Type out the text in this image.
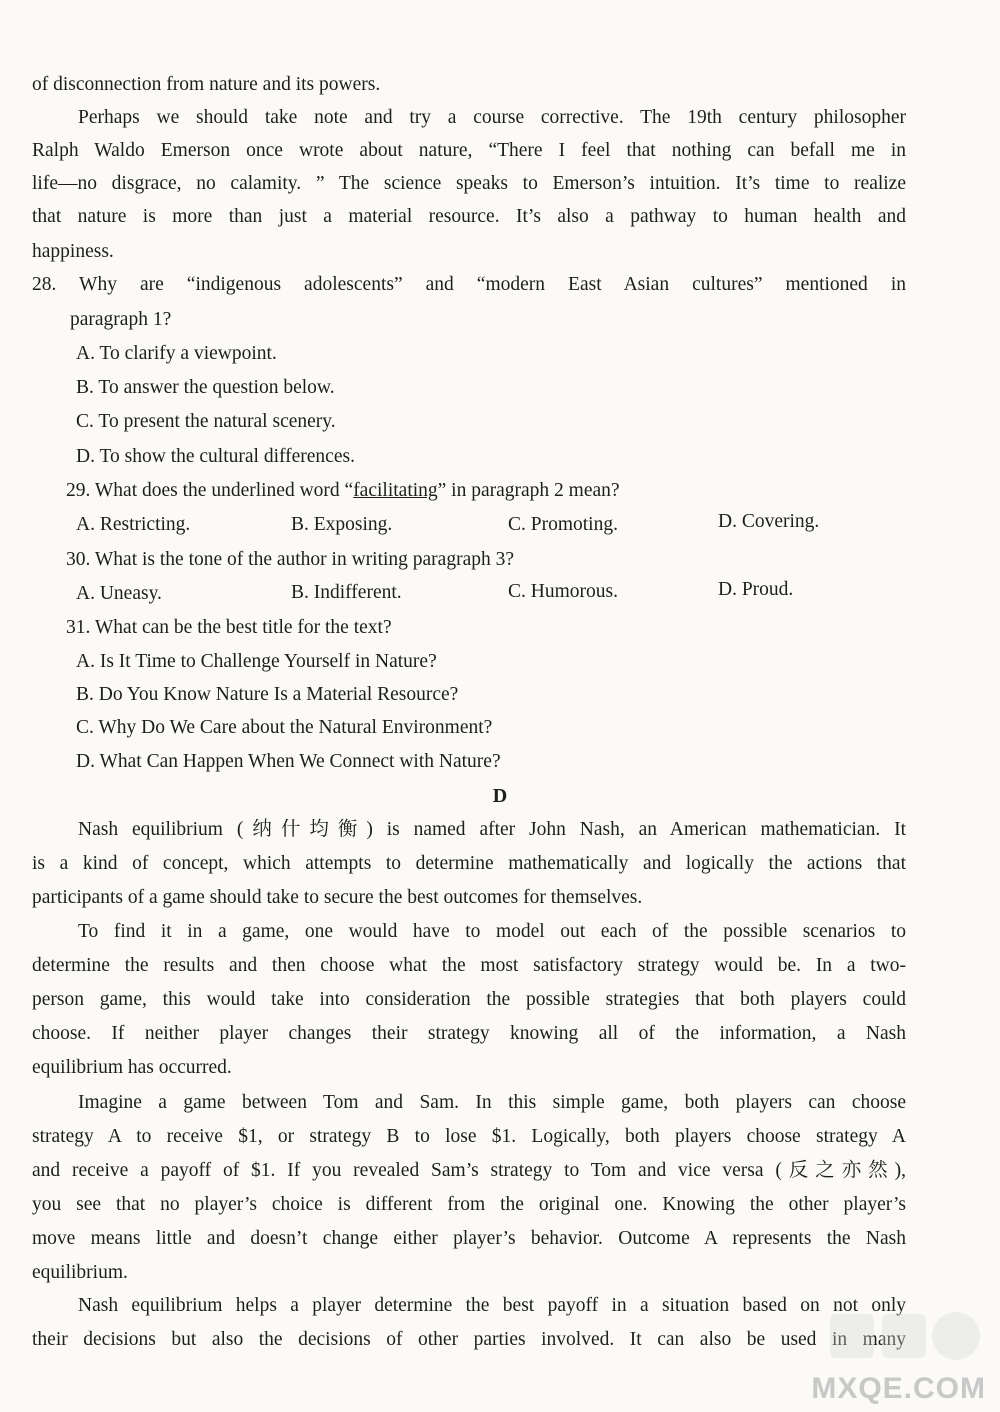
of disconnection from nature and its powers.
Perhaps we should take note and try a course corrective. The 19th century philosopher
Ralph Waldo Emerson once wrote about nature, “There I feel that nothing can befall me in
life—no disgrace, no calamity. ” The science speaks to Emerson’s intuition. It’s time to realize
that nature is more than just a material resource. It’s also a pathway to human health and
happiness.
28. Why are “indigenous adolescents” and “modern East Asian cultures” mentioned in
paragraph 1?
A. To clarify a viewpoint.
B. To answer the question below.
C. To present the natural scenery.
D. To show the cultural differences.
29. What does the underlined word “facilitating” in paragraph 2 mean?
A. Restricting.	B. Exposing.	C. Promoting.	D. Covering.
30. What is the tone of the author in writing paragraph 3?
A. Uneasy.	B. Indifferent.	C. Humorous.	D. Proud.
31. What can be the best title for the text?
A. Is It Time to Challenge Yourself in Nature?
B. Do You Know Nature Is a Material Resource?
C. Why Do We Care about the Natural Environment?
D. What Can Happen When We Connect with Nature?
D
Nash equilibrium (纳什均衡) is named after John Nash, an American mathematician. It
is a kind of concept, which attempts to determine mathematically and logically the actions that
participants of a game should take to secure the best outcomes for themselves.
To find it in a game, one would have to model out each of the possible scenarios to
determine the results and then choose what the most satisfactory strategy would be. In a two-
person game, this would take into consideration the possible strategies that both players could
choose. If neither player changes their strategy knowing all of the information, a Nash
equilibrium has occurred.
Imagine a game between Tom and Sam. In this simple game, both players can choose
strategy A to receive $1, or strategy B to lose $1. Logically, both players choose strategy A
and receive a payoff of $1. If you revealed Sam’s strategy to Tom and vice versa (反之亦然),
you see that no player’s choice is different from the original one. Knowing the other player’s
move means little and doesn’t change either player’s behavior. Outcome A represents the Nash
equilibrium.
Nash equilibrium helps a player determine the best payoff in a situation based on not only
their decisions but also the decisions of other parties involved. It can also be used in many
MXQE.COM
